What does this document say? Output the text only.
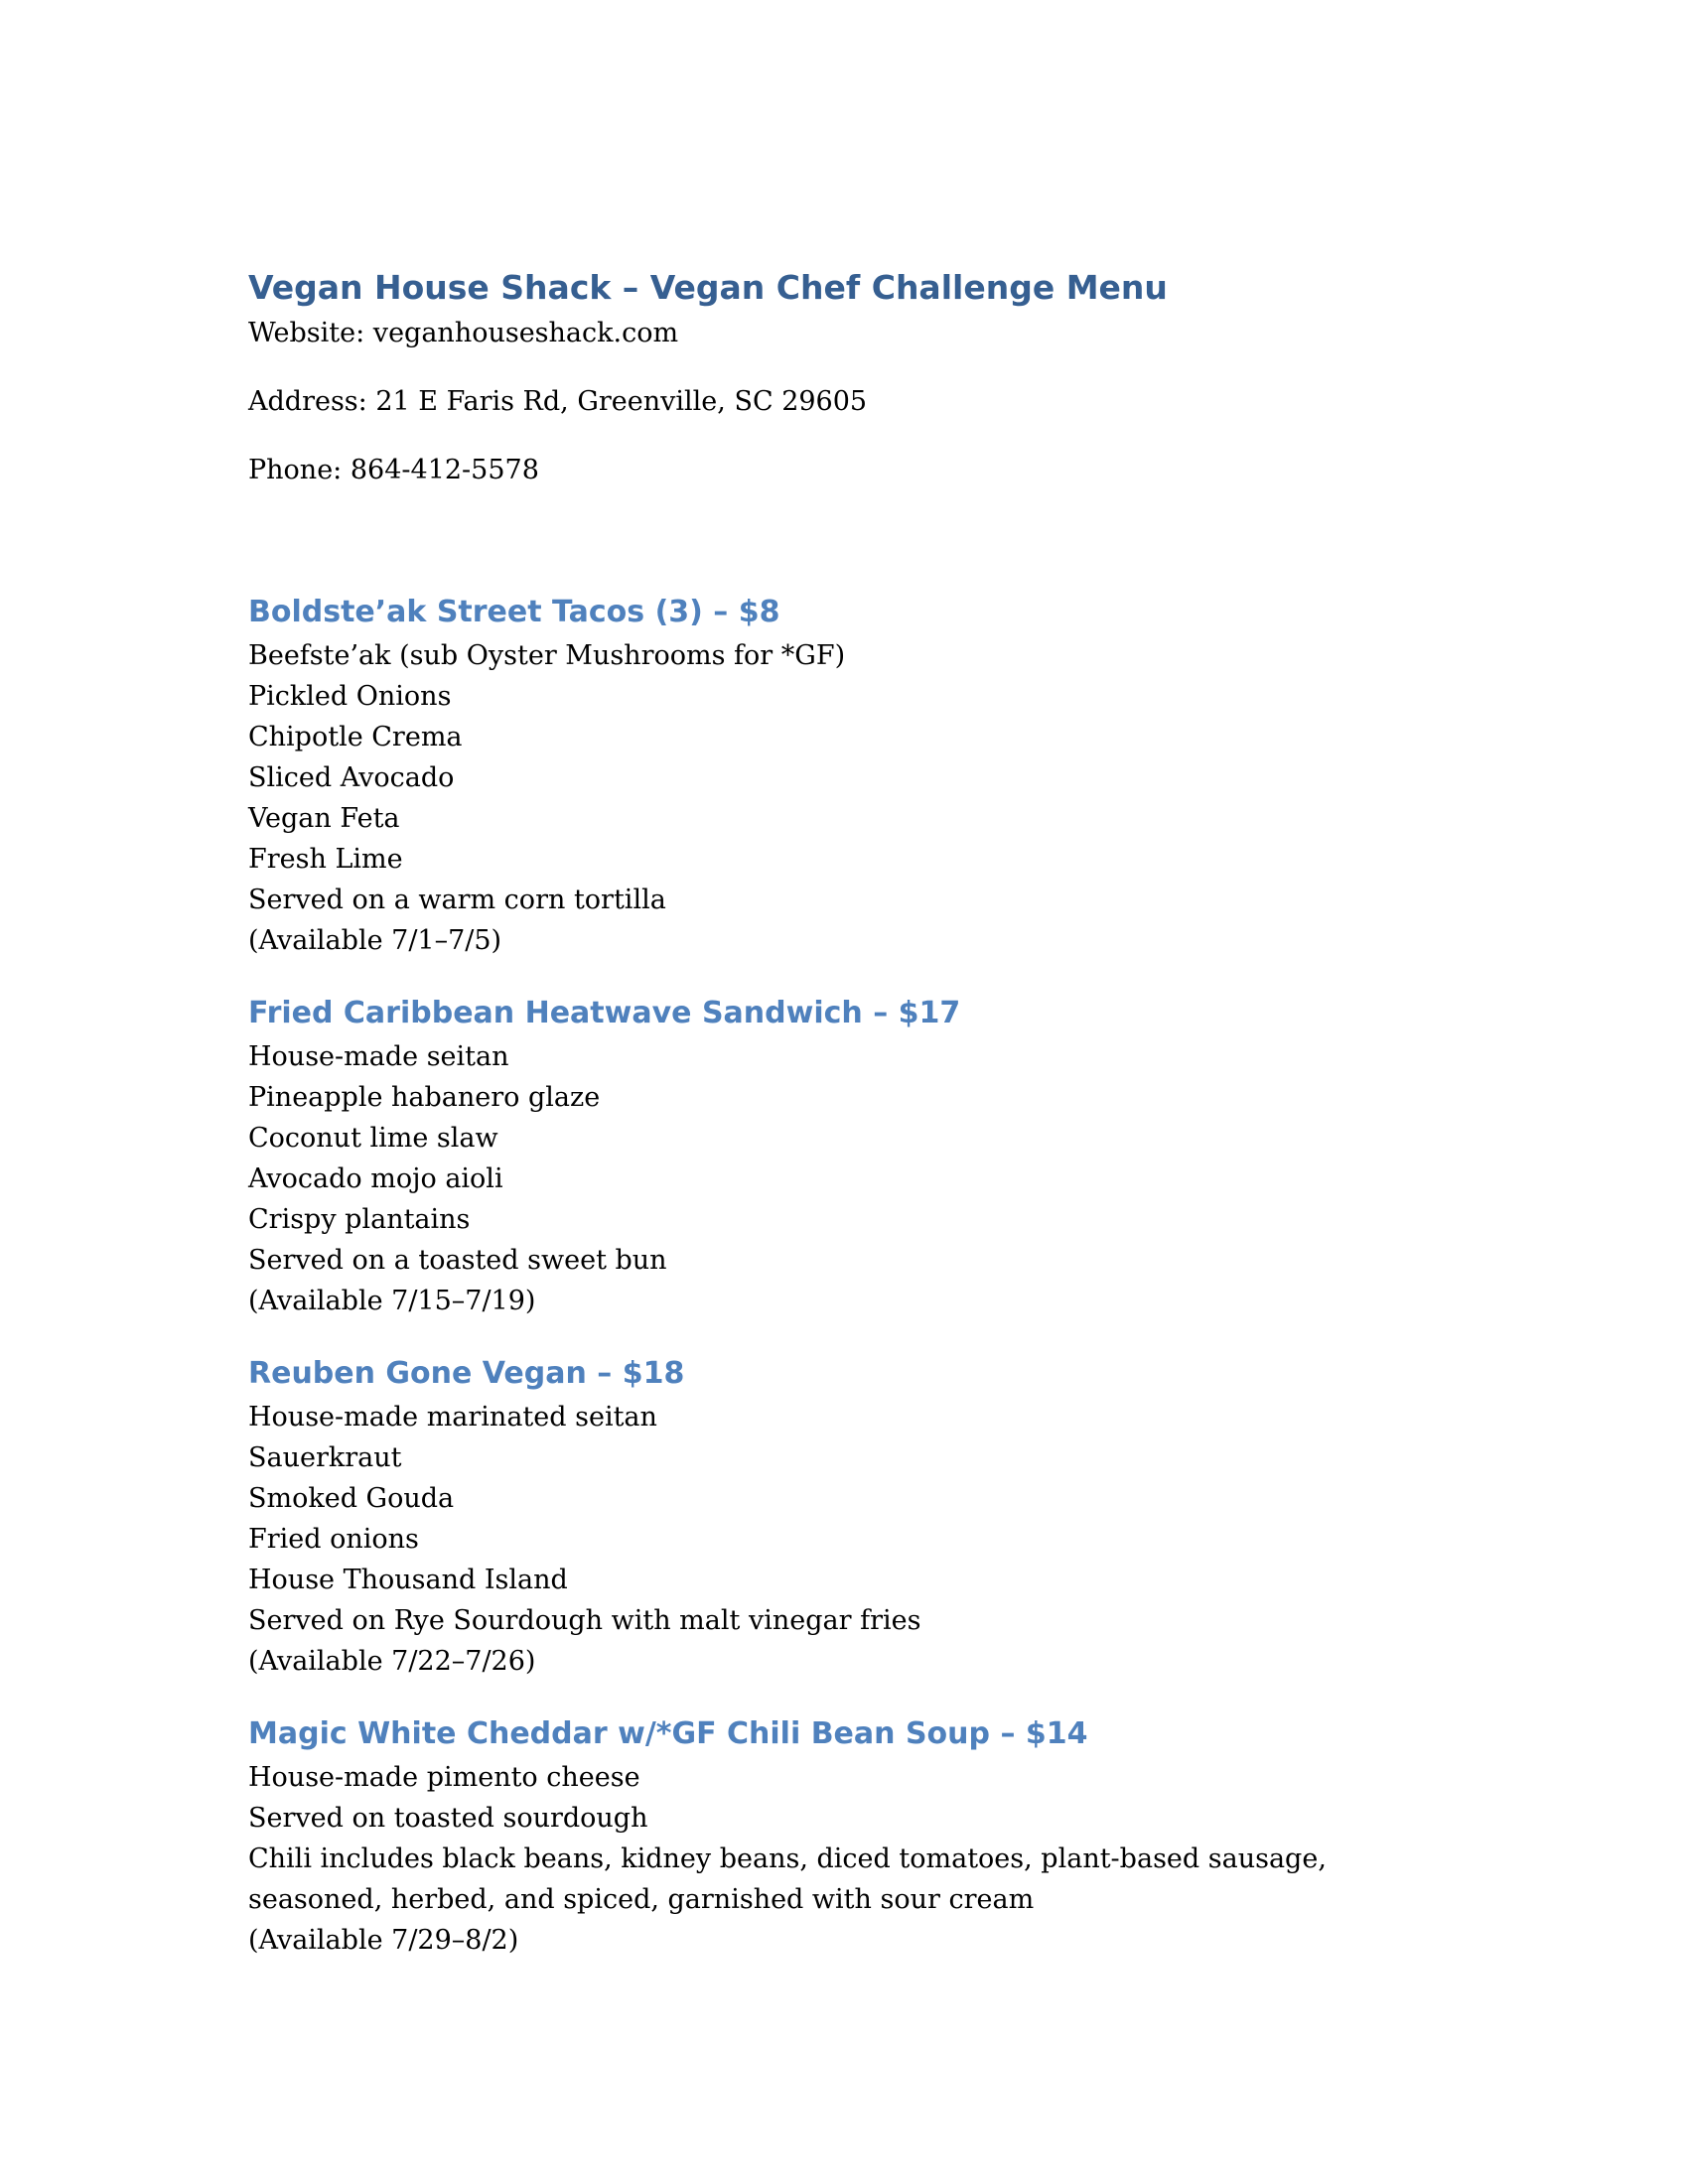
Vegan House Shack – Vegan Chef Challenge Menu

Website: veganhouseshack.com

Address: 21 E Faris Rd, Greenville, SC 29605

Phone: 864-412-5578

Boldste’ak Street Tacos (3) – $8
Beefste’ak (sub Oyster Mushrooms for *GF)
Pickled Onions
Chipotle Crema
Sliced Avocado
Vegan Feta
Fresh Lime
Served on a warm corn tortilla
(Available 7/1–7/5)
Fried Caribbean Heatwave Sandwich – $17
House-made seitan
Pineapple habanero glaze
Coconut lime slaw
Avocado mojo aioli
Crispy plantains
Served on a toasted sweet bun
(Available 7/15–7/19)
Reuben Gone Vegan – $18
House-made marinated seitan
Sauerkraut
Smoked Gouda
Fried onions
House Thousand Island
Served on Rye Sourdough with malt vinegar fries
(Available 7/22–7/26)
Magic White Cheddar w/*GF Chili Bean Soup – $14
House-made pimento cheese
Served on toasted sourdough
Chili includes black beans, kidney beans, diced tomatoes, plant-based sausage,
seasoned, herbed, and spiced, garnished with sour cream
(Available 7/29–8/2)
